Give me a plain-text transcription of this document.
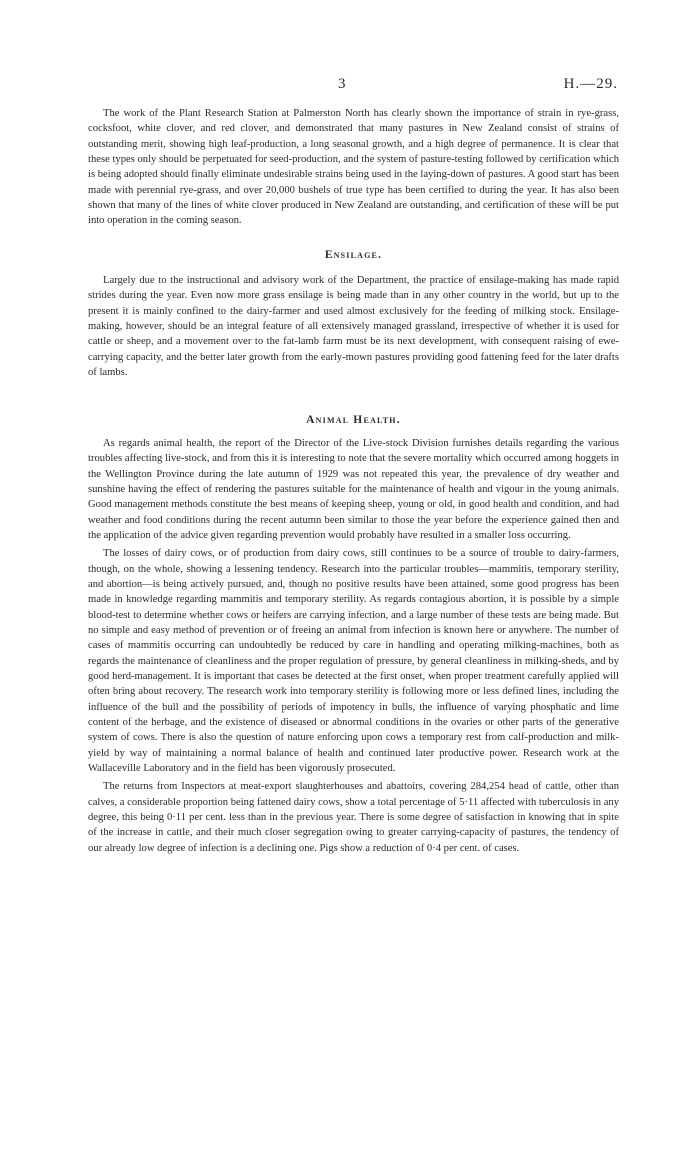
3	H.—29.

The work of the Plant Research Station at Palmerston North has clearly shown the importance of strain in rye-grass, cocksfoot, white clover, and red clover, and demonstrated that many pastures in New Zealand consist of strains of outstanding merit, showing high leaf-production, a long seasonal growth, and a high degree of permanence. It is clear that these types only should be perpetuated for seed-production, and the system of pasture-testing followed by certification which is being adopted should finally eliminate undesirable strains being used in the laying-down of pastures. A good start has been made with perennial rye-grass, and over 20,000 bushels of true type has been certified to during the year. It has also been shown that many of the lines of white clover produced in New Zealand are outstanding, and certification of these will be put into operation in the coming season.

Ensilage.

Largely due to the instructional and advisory work of the Department, the practice of ensilage-making has made rapid strides during the year. Even now more grass ensilage is being made than in any other country in the world, but up to the present it is mainly confined to the dairy-farmer and used almost exclusively for the feeding of milking stock. Ensilage-making, however, should be an integral feature of all extensively managed grassland, irrespective of whether it is used for cattle or sheep, and a movement over to the fat-lamb farm must be its next development, with consequent raising of ewe-carrying capacity, and the better later growth from the early-mown pastures providing good fattening feed for the later drafts of lambs.

Animal Health.

As regards animal health, the report of the Director of the Live-stock Division furnishes details regarding the various troubles affecting live-stock, and from this it is interesting to note that the severe mortality which occurred among hoggets in the Wellington Province during the late autumn of 1929 was not repeated this year, the prevalence of dry weather and sunshine having the effect of rendering the pastures suitable for the maintenance of health and vigour in the young animals. Good management methods constitute the best means of keeping sheep, young or old, in good health and condition, and had weather and food conditions during the recent autumn been similar to those the year before the experience gained then and the application of the advice given regarding prevention would probably have resulted in a smaller loss occurring.

The losses of dairy cows, or of production from dairy cows, still continues to be a source of trouble to dairy-farmers, though, on the whole, showing a lessening tendency. Research into the particular troubles—mammitis, temporary sterility, and abortion—is being actively pursued, and, though no positive results have been attained, some good progress has been made in knowledge regarding mammitis and temporary sterility. As regards contagious abortion, it is possible by a simple blood-test to determine whether cows or heifers are carrying infection, and a large number of these tests are being made. But no simple and easy method of prevention or of freeing an animal from infection is known here or anywhere. The number of cases of mammitis occurring can undoubtedly be reduced by care in handling and operating milking-machines, both as regards the maintenance of cleanliness and the proper regulation of pressure, by general cleanliness in milking-sheds, and by good herd-management. It is important that cases be detected at the first onset, when proper treatment carefully applied will often bring about recovery. The research work into temporary sterility is following more or less defined lines, including the influence of the bull and the possibility of periods of impotency in bulls, the influence of varying phosphatic and lime content of the herbage, and the existence of diseased or abnormal conditions in the ovaries or other parts of the generative system of cows. There is also the question of nature enforcing upon cows a temporary rest from calf-production and milk-yield by way of maintaining a normal balance of health and continued later productive power. Research work at the Wallaceville Laboratory and in the field has been vigorously prosecuted.

The returns from Inspectors at meat-export slaughterhouses and abattoirs, covering 284,254 head of cattle, other than calves, a considerable proportion being fattened dairy cows, show a total percentage of 5·11 affected with tuberculosis in any degree, this being 0·11 per cent. less than in the previous year. There is some degree of satisfaction in knowing that in spite of the increase in cattle, and their much closer segregation owing to greater carrying-capacity of pastures, the tendency of our already low degree of infection is a declining one. Pigs show a reduction of 0·4 per cent. of cases.
